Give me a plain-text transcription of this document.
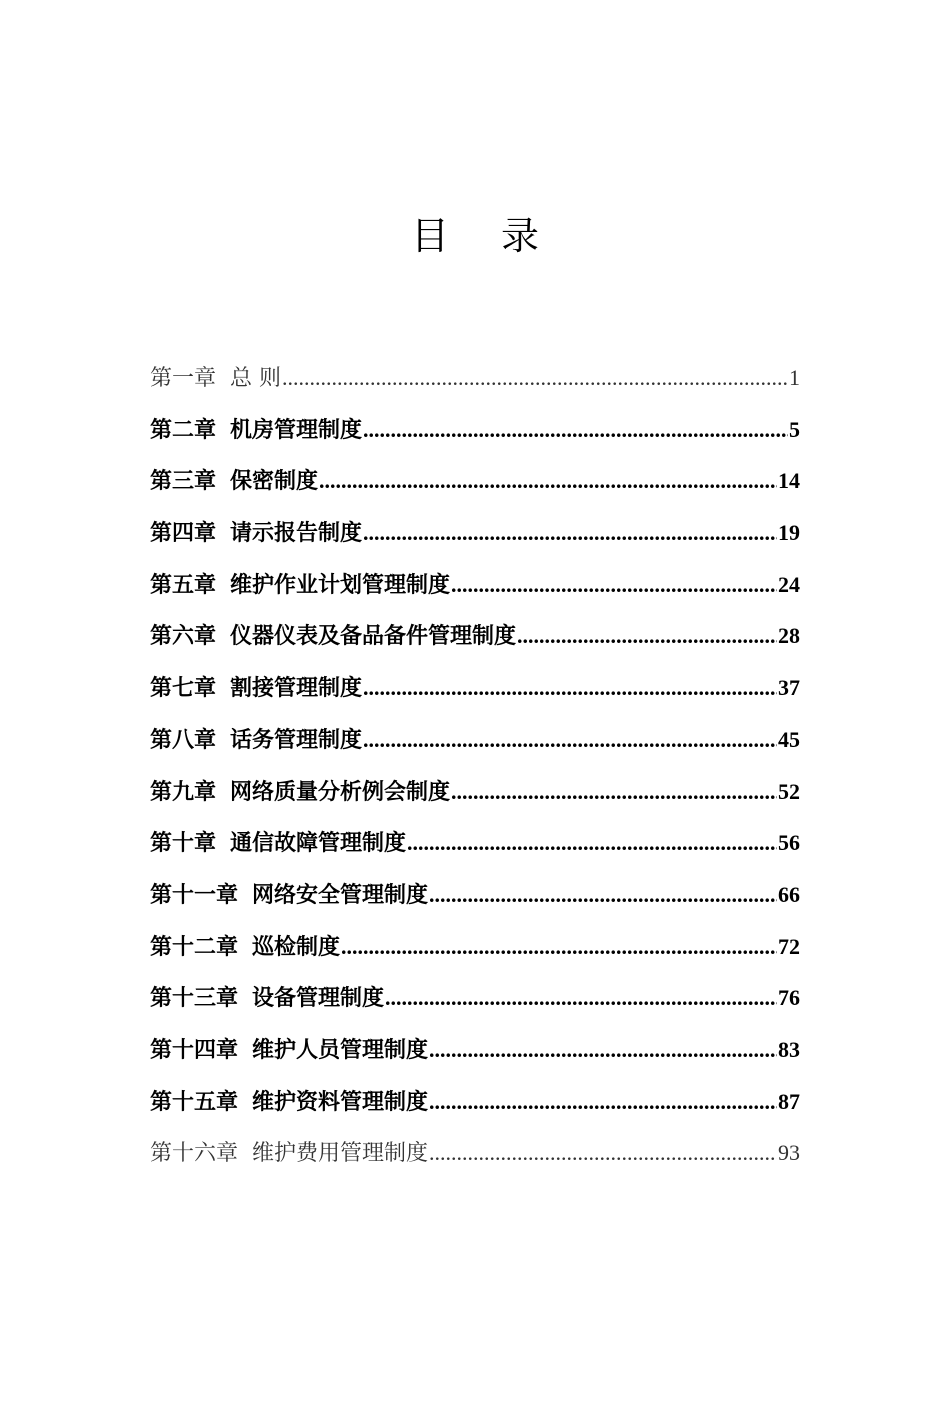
目 录
第一章 总 则 .....	1
第二章 机房管理制度 .....	5
第三章 保密制度 .....	14
第四章 请示报告制度 .....	19
第五章 维护作业计划管理制度 .....	24
第六章 仪器仪表及备品备件管理制度 .....	28
第七章 割接管理制度 .....	37
第八章 话务管理制度 .....	45
第九章 网络质量分析例会制度 .....	52
第十章 通信故障管理制度 .....	56
第十一章 网络安全管理制度 .....	66
第十二章 巡检制度 .....	72
第十三章 设备管理制度 .....	76
第十四章 维护人员管理制度 .....	83
第十五章 维护资料管理制度 .....	87
第十六章 维护费用管理制度 .....	93
